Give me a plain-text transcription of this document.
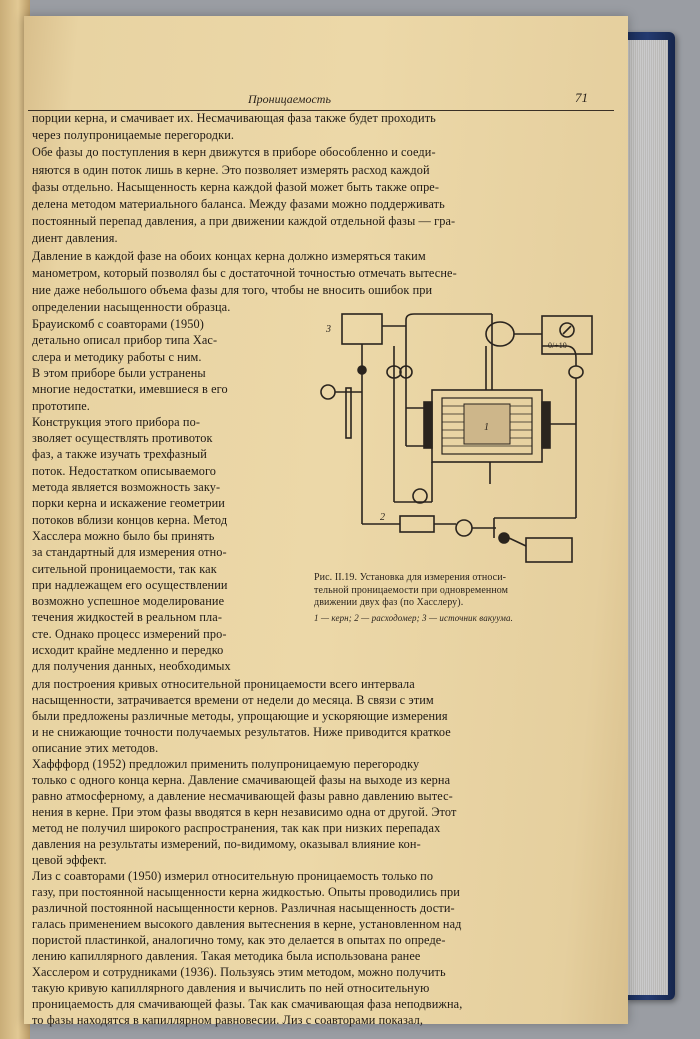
Проницаемость	71
порции керна, и смачивает их. Несмачивающая фаза также будет проходить
через полупроницаемые перегородки.
Обе фазы до поступления в керн движутся в приборе обособленно и соеди-
няются в один поток лишь в керне. Это позволяет измерять расход каждой
фазы отдельно. Насыщенность керна каждой фазой может быть также опре-
делена методом материального баланса. Между фазами можно поддерживать
постоянный перепад давления, а при движении каждой отдельной фазы — гра-
диент давления.
Давление в каждой фазе на обоих концах керна должно измеряться таким
манометром, который позволял бы с достаточной точностью отмечать вытесне-
ние даже небольшого объема фазы для того, чтобы не вносить ошибок при
определении насыщенности образца.
Брауискомб с соавторами (1950)
детально описал прибор типа Хас-
слера и методику работы с ним.
В этом приборе были устранены
многие недостатки, имевшиеся в его
прототипе.
Конструкция этого прибора по-
зволяет осуществлять противоток
фаз, а также изучать трехфазный
поток. Недостатком описываемого
метода является возможность заку-
порки керна и искажение геометрии
потоков вблизи концов керна. Метод
Хасслера можно было бы принять
за стандартный для измерения отно-
сительной проницаемости, так как
при надлежащем его осуществлении
возможно успешное моделирование
течения жидкостей в реальном пла-
сте. Однако процесс измерений про-
исходит крайне медленно и передко
для получения данных, необходимых
для построения кривых относительной проницаемости всего интервала
насыщенности, затрачивается времени от недели до месяца. В связи с этим
были предложены различные методы, упрощающие и ускоряющие измерения
и не снижающие точности получаемых результатов. Ниже приводится краткое
описание этих методов.
Хафффорд (1952) предложил применить полупроницаемую перегородку
только с одного конца керна. Давление смачивающей фазы на выходе из керна
равно атмосферному, а давление несмачивающей фазы равно давлению вытес-
нения в керне. При этом фазы вводятся в керн независимо одна от другой. Этот
метод не получил широкого распространения, так как при низких перепадах
давления на результаты измерений, по-видимому, оказывал влияние кон-
цевой эффект.
Лиз с соавторами (1950) измерил относительную проницаемость только по
газу, при постоянной насыщенности керна жидкостью. Опыты проводились при
различной постоянной насыщенности кернов. Различная насыщенность дости-
галась применением высокого давления вытеснения в керне, установленном над
пористой пластинкой, аналогично тому, как это делается в опытах по опреде-
лению капиллярного давления. Такая методика была использована ранее
Хасслером и сотрудниками (1936). Пользуясь этим методом, можно получить
такую кривую капиллярного давления и вычислить по ней относительную
проницаемость для смачивающей фазы. Так как смачивающая фаза неподвижна,
то фазы находятся в капиллярном равновесии. Лиз с соавторами показал,
3
1
2
0/+10
Рис. II.19. Установка для измерения относи-
тельной проницаемости при одновременном
движении двух фаз (по Хасслеру).
1 — керн; 2 — расходомер; 3 — источник вакуума.
